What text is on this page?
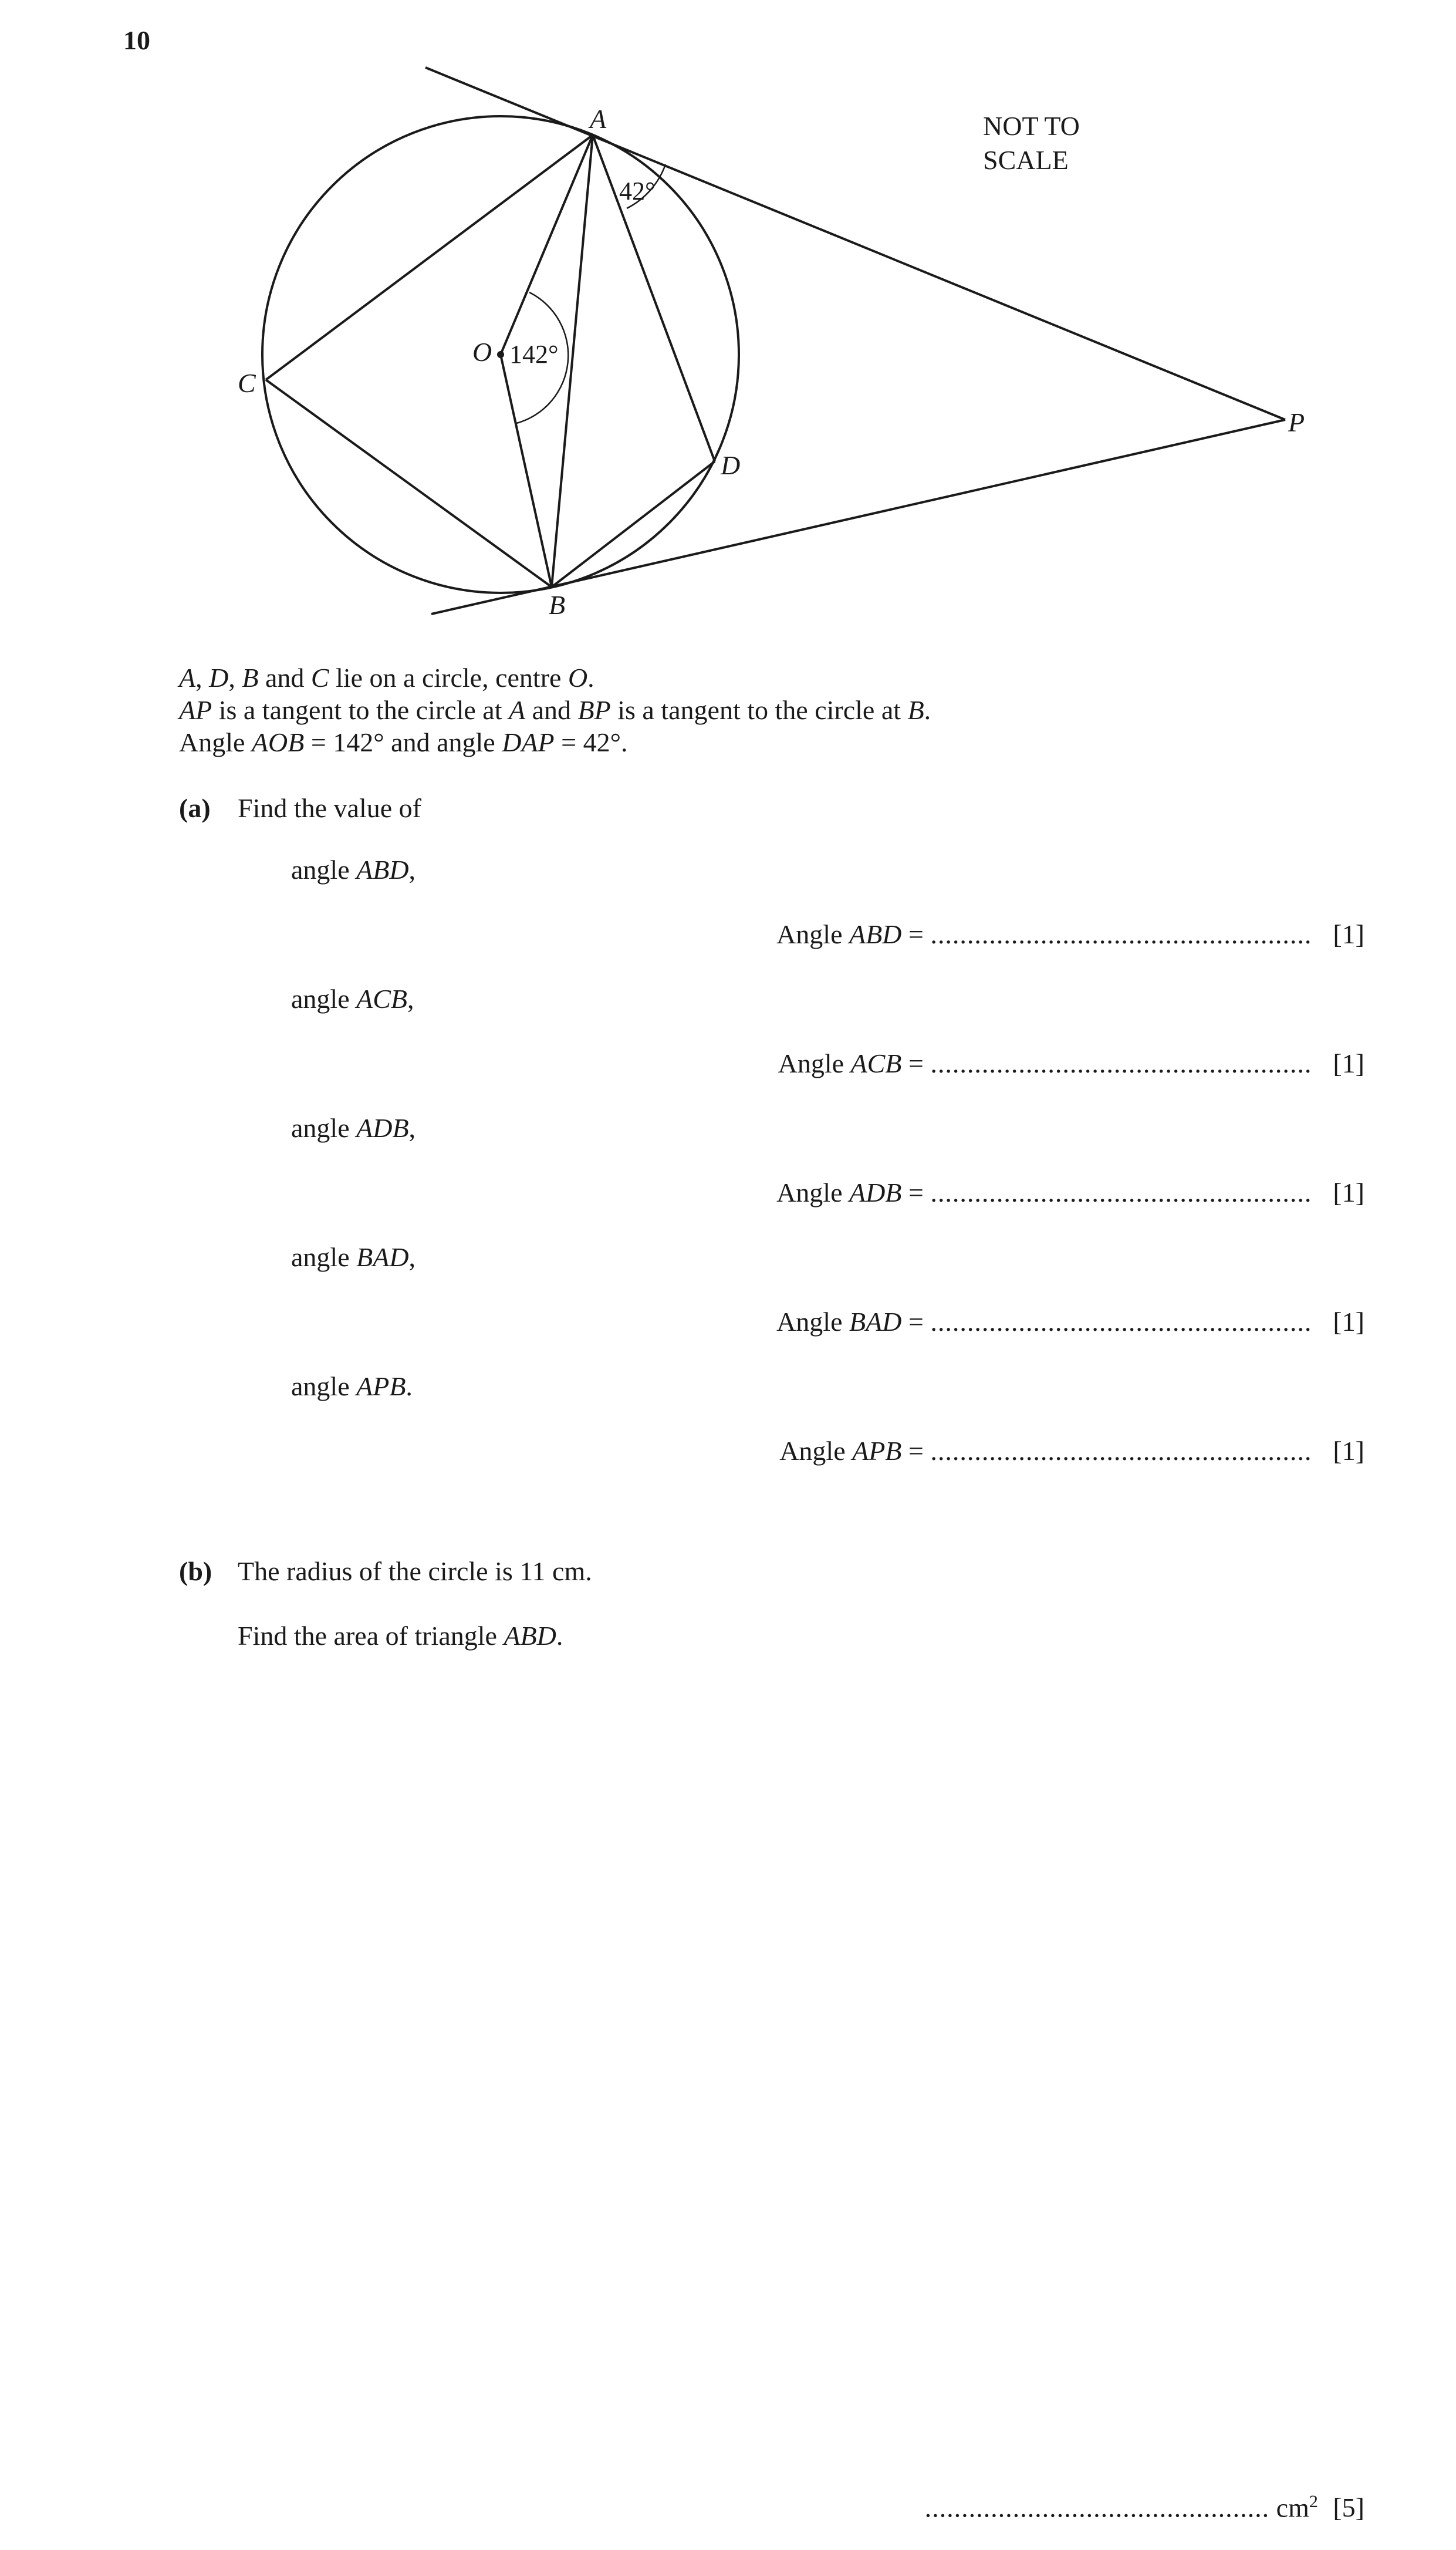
10
A
B
C
D
O
P
142°
42°
NOT TO
SCALE
A, D, B and C lie on a circle, centre O.
AP is a tangent to the circle at A and BP is a tangent to the circle at B.
Angle AOB = 142° and angle DAP = 42°.
(a) Find the value of
angle ABD,
Angle ABD = .................................................... [1]
angle ACB,
Angle ACB = .................................................... [1]
angle ADB,
Angle ADB = .................................................... [1]
angle BAD,
Angle BAD = .................................................... [1]
angle APB.
Angle APB = .................................................... [1]
(b) The radius of the circle is 11 cm.
Find the area of triangle ABD.
............................................... $cm^2$ [5]
